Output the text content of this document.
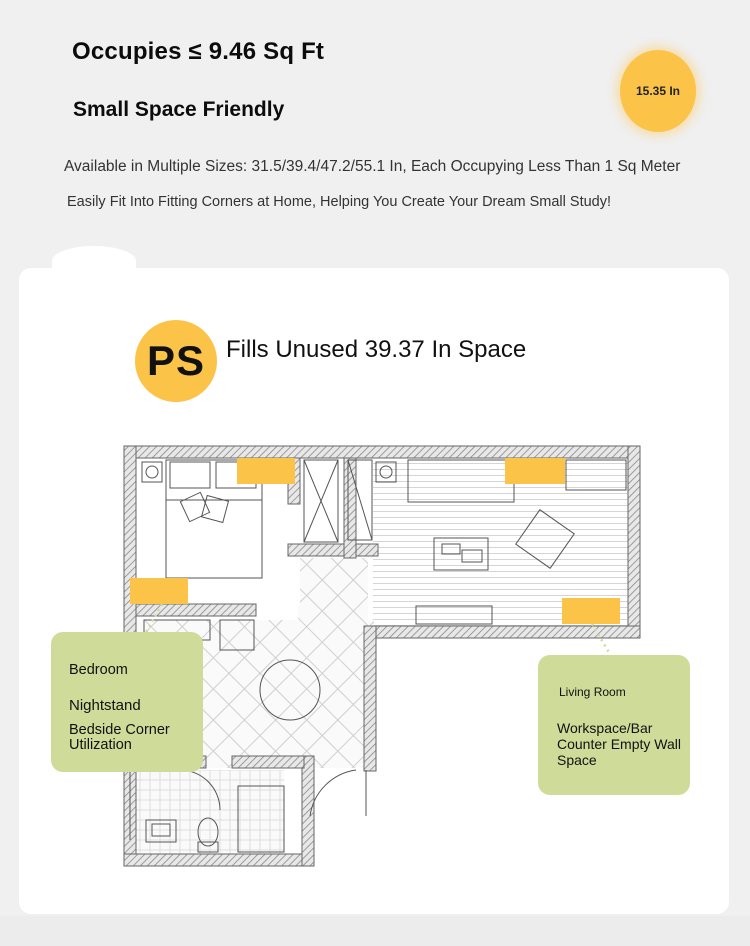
Occupies ≤ 9.46 Sq Ft
Small Space Friendly
15.35 In
Available in Multiple Sizes: 31.5/39.4/47.2/55.1 In, Each Occupying Less Than 1 Sq Meter
Easily Fit Into Fitting Corners at Home, Helping You Create Your Dream Small Study!
PS Fills Unused 39.37 In Space
Bedroom
Nightstand
Bedside Corner Utilization
Living Room
Workspace/Bar Counter Empty Wall Space
